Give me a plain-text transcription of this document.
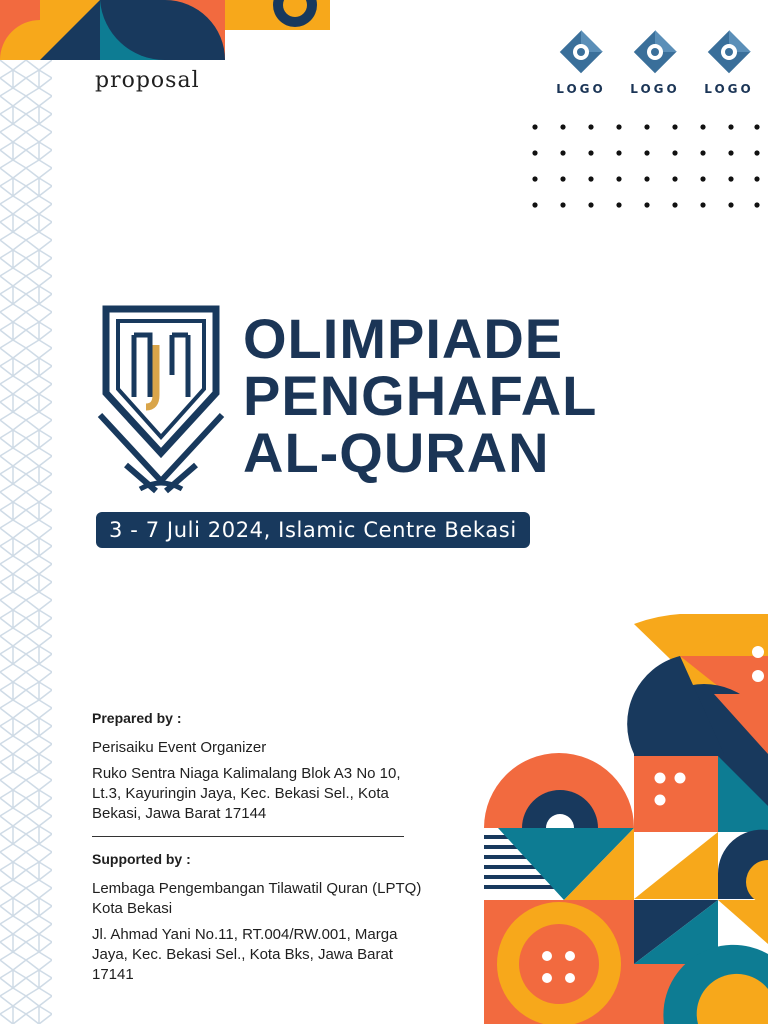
proposal	LOGO LOGO LOGO
OLIMPIADE
PENGHAFAL
AL-QURAN
3 - 7 Juli 2024, Islamic Centre Bekasi
Prepared by :

Perisaiku Event Organizer

Ruko Sentra Niaga Kalimalang Blok A3 No 10, Lt.3, Kayuringin Jaya, Kec. Bekasi Sel., Kota Bekasi, Jawa Barat 17144

Supported by :

Lembaga Pengembangan Tilawatil Quran (LPTQ) Kota Bekasi

Jl. Ahmad Yani No.11, RT.004/RW.001, Marga Jaya, Kec. Bekasi Sel., Kota Bks, Jawa Barat 17141
